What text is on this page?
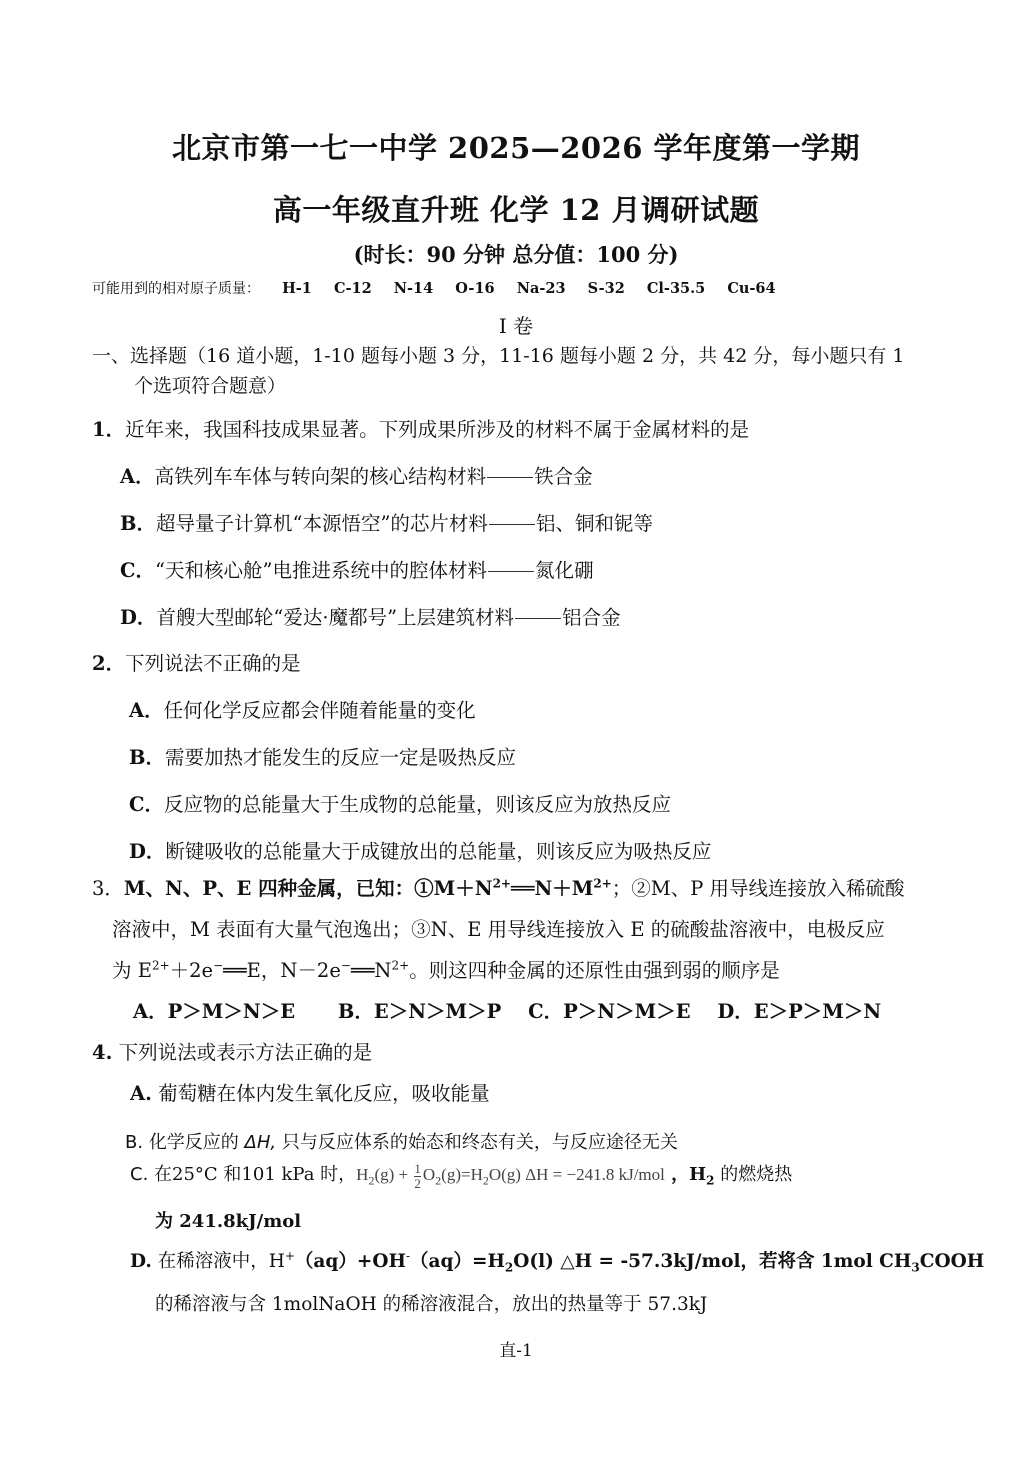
北京市第一七一中学 2025—2026 学年度第一学期
高一年级直升班 化学 12 月调研试题
(时长：90 分钟 总分值：100 分)
可能用到的相对原子质量： H-1 C-12 N-14 O-16 Na-23 S-32 Cl-35.5 Cu-64
Ⅰ 卷
一、选择题（16 道小题，1-10 题每小题 3 分，11-16 题每小题 2 分，共 42 分，每小题只有 1
个选项符合题意）
1．近年来，我国科技成果显著。下列成果所涉及的材料不属于金属材料的是
A．高铁列车车体与转向架的核心结构材料 铁合金
B．超导量子计算机“本源悟空”的芯片材料 铝、铜和铌等
C．“天和核心舱”电推进系统中的腔体材料 氮化硼
D．首艘大型邮轮“爱达·魔都号”上层建筑材料 铝合金
2．下列说法不正确的是
A．任何化学反应都会伴随着能量的变化
B．需要加热才能发生的反应一定是吸热反应
C．反应物的总能量大于生成物的总能量，则该反应为放热反应
D．断键吸收的总能量大于成键放出的总能量，则该反应为吸热反应
3．M、N、P、E 四种金属，已知：$①M+N^{2+}══N+M^{2+}$；②M、P 用导线连接放入稀硫酸
溶液中，M 表面有大量气泡逸出；③N、E 用导线连接放入 E 的硫酸盐溶液中，电极反应
为 $E^{2+}+2e^-══E$，$N-2e^-══N^{2+}$。则这四种金属的还原性由强到弱的顺序是
A．P＞M＞N＞E B．E＞N＞M＞P C．P＞N＞M＞E D．E＞P＞M＞N
4. 下列说法或表示方法正确的是
A. 葡萄糖在体内发生氧化反应，吸收能量
B. 化学反应的 ΔH, 只与反应体系的始态和终态有关，与反应途径无关
C. 在25°C 和101 kPa 时，$H_2(g) + \frac{1}{2} O_2(g)=H_2O(g) \Delta H = -241.8$ kJ/mol ，$H_2$ 的燃烧热
为 241.8kJ/mol
D. 在稀溶液中，$H^+(aq)+OH^-(aq)=H_2O(l)$ △H = -57.3kJ/mol，若将含 1mol $CH_3COOH$
的稀溶液与含 1molNaOH 的稀溶液混合，放出的热量等于 57.3kJ
直-1
